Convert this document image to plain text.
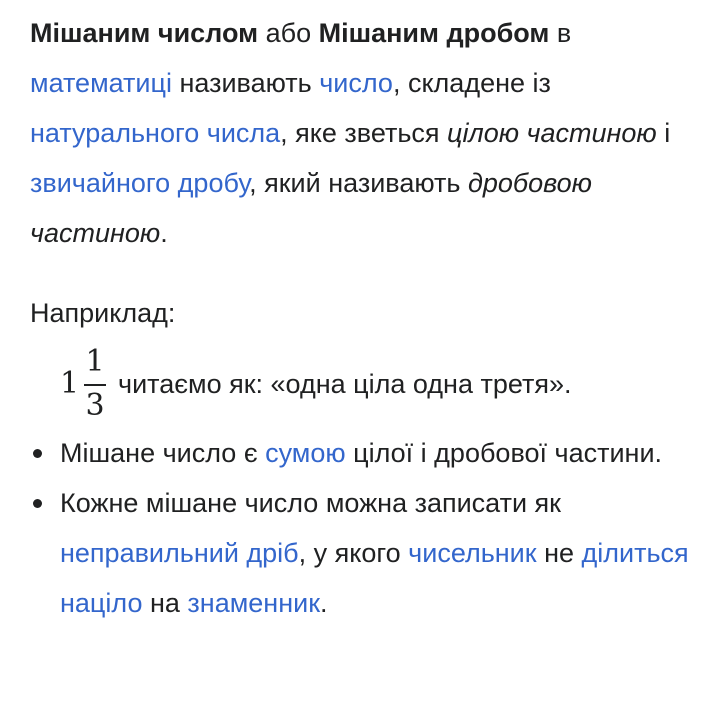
Мішаним числом або Мішаним дробом в математиці називають число, складене із натурального числа, яке зветься цілою частиною і звичайного дробу, який називають дробовою частиною.

Наприклад:

1
1
3
читаємо як: «одна ціла одна третя».
Мішане число є сумою цілої і дробової частини.
Кожне мішане число можна записати як неправильний дріб, у якого чисельник не ділиться націло на знаменник.
